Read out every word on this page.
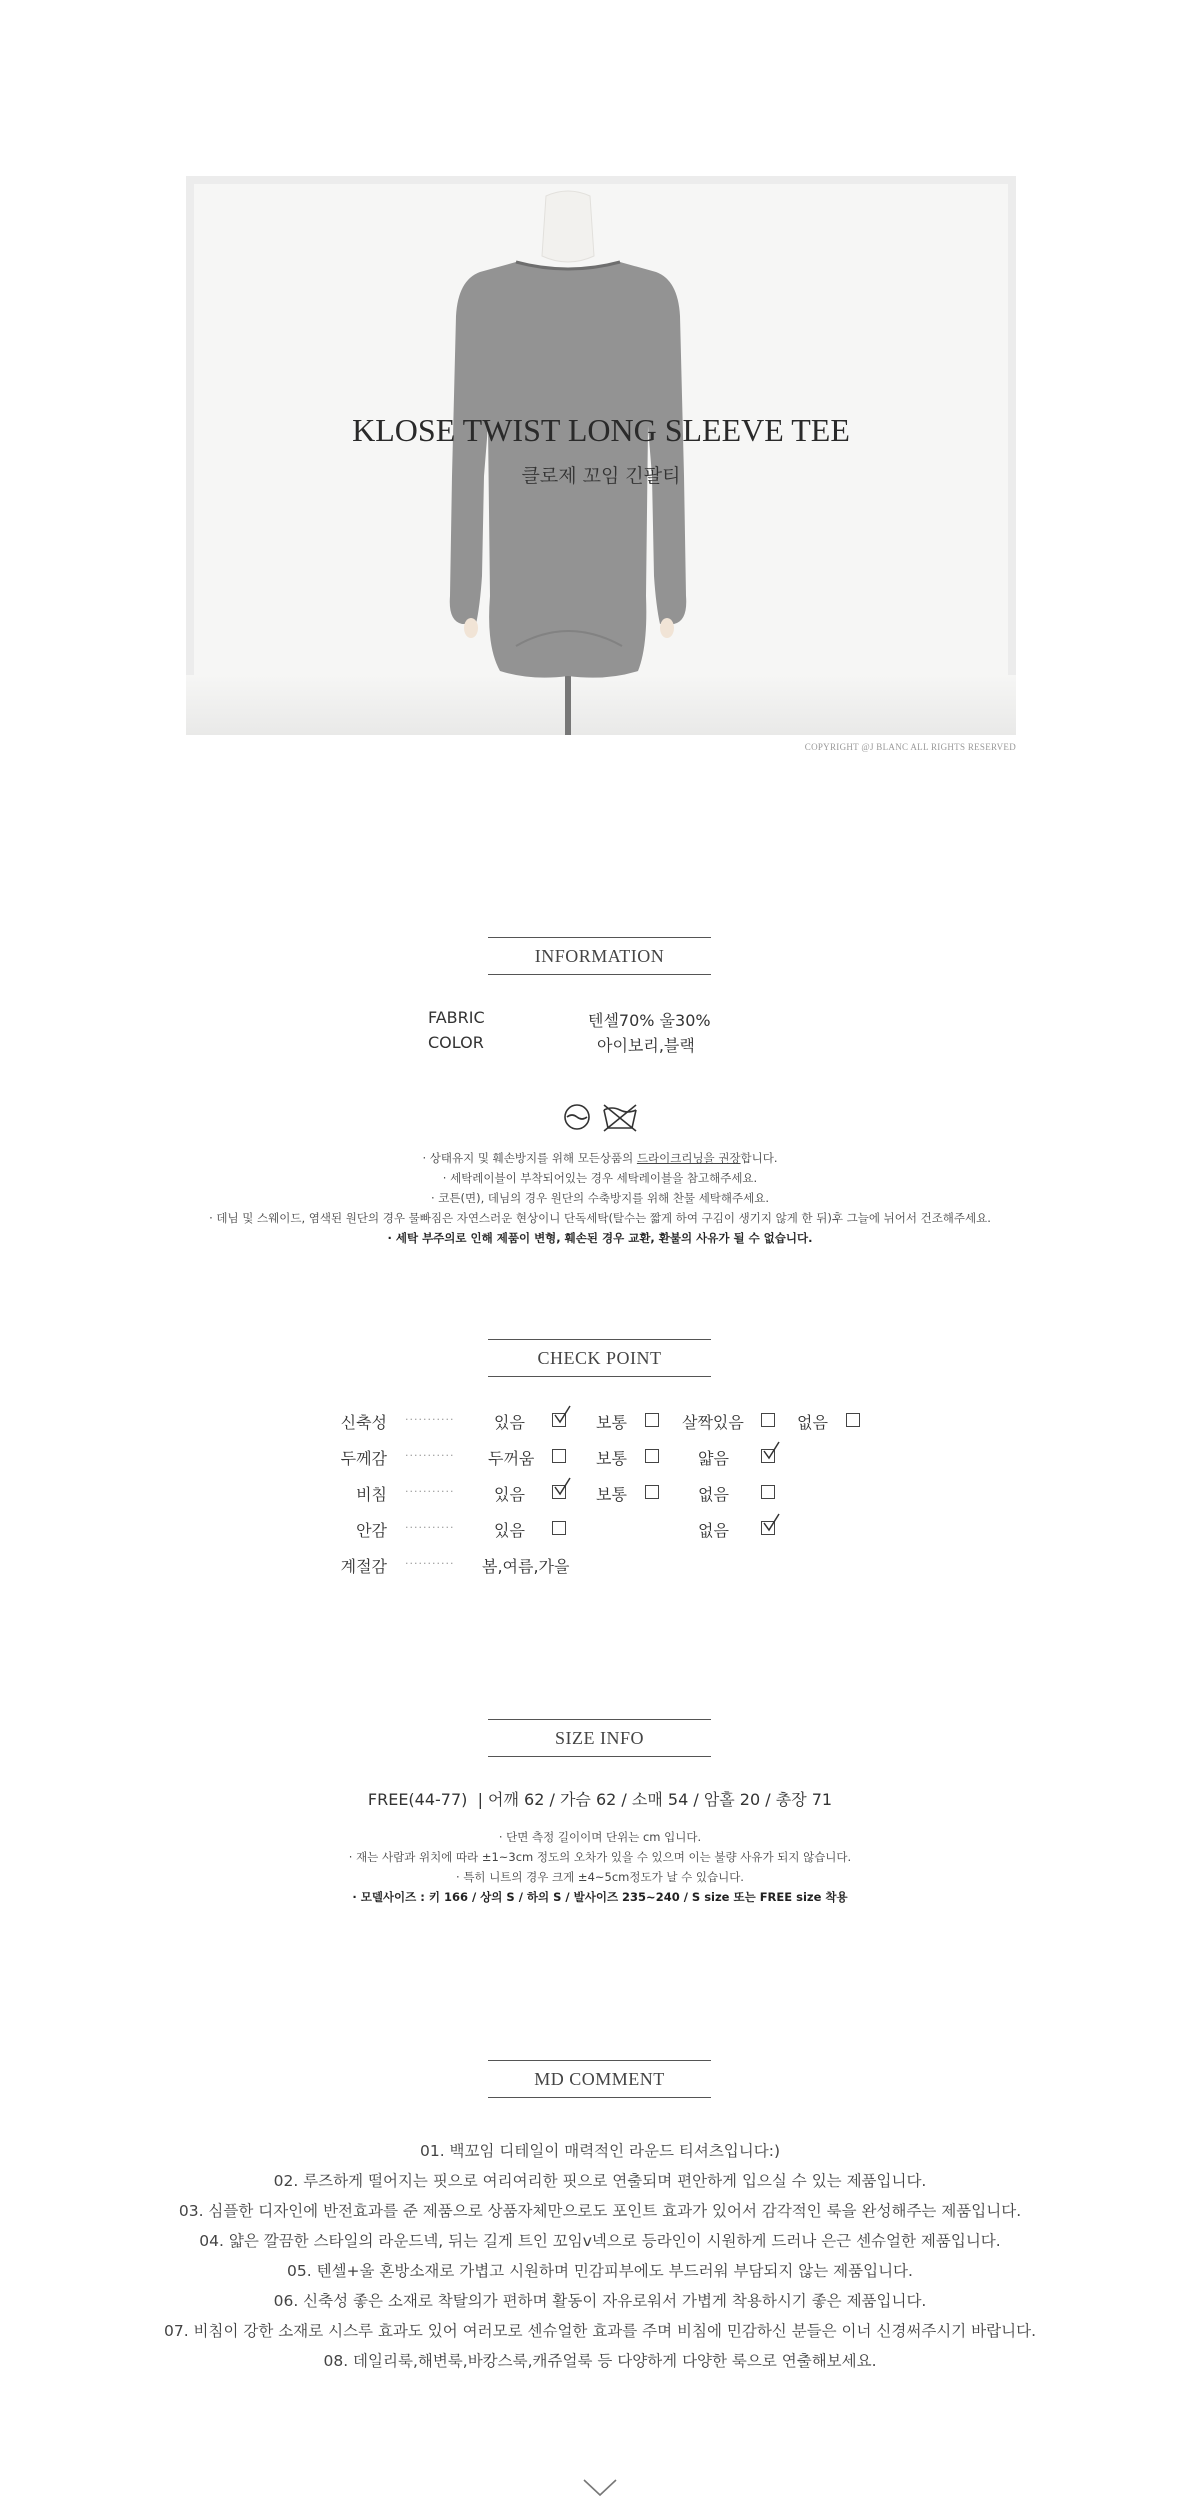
KLOSE TWIST LONG SLEEVE TEE
클로제 꼬임 긴팔티
COPYRIGHT @J BLANC ALL RIGHTS RESERVED
INFORMATION
FABRIC	텐셀70% 울30%
COLOR	아이보리,블랙
· 상태유지 및 훼손방지를 위해 모든상품의 드라이크리닝을 권장합니다.
· 세탁레이블이 부착되어있는 경우 세탁레이블을 참고해주세요.
· 코튼(면), 데님의 경우 원단의 수축방지를 위해 찬물 세탁해주세요.
· 데님 및 스웨이드, 염색된 원단의 경우 물빠짐은 자연스러운 현상이니 단독세탁(탈수는 짧게 하여 구김이 생기지 않게 한 뒤)후 그늘에 뉘어서 건조해주세요.
· 세탁 부주의로 인해 제품이 변형, 훼손된 경우 교환, 환불의 사유가 될 수 없습니다.
CHECK POINT
신축성 ··········· 있음	보통	살짝있음	없음
두께감 ··········· 두꺼움	보통	얇음
비침 ··········· 있음	보통	없음
안감 ··········· 있음	없음
계절감 ··········· 봄,여름,가을
SIZE INFO
FREE(44-77) | 어깨 62 / 가슴 62 / 소매 54 / 암홀 20 / 총장 71
· 단면 측정 길이이며 단위는 cm 입니다.
· 재는 사람과 위치에 따라 ±1~3cm 정도의 오차가 있을 수 있으며 이는 불량 사유가 되지 않습니다.
· 특히 니트의 경우 크게 ±4~5cm정도가 날 수 있습니다.
· 모델사이즈 : 키 166 / 상의 S / 하의 S / 발사이즈 235~240 / S size 또는 FREE size 착용
MD COMMENT
01. 백꼬임 디테일이 매력적인 라운드 티셔츠입니다:)
02. 루즈하게 떨어지는 핏으로 여리여리한 핏으로 연출되며 편안하게 입으실 수 있는 제품입니다.
03. 심플한 디자인에 반전효과를 준 제품으로 상품자체만으로도 포인트 효과가 있어서 감각적인 룩을 완성해주는 제품입니다.
04. 얇은 깔끔한 스타일의 라운드넥, 뒤는 길게 트인 꼬임v넥으로 등라인이 시원하게 드러나 은근 센슈얼한 제품입니다.
05. 텐셀+울 혼방소재로 가볍고 시원하며 민감피부에도 부드러워 부담되지 않는 제품입니다.
06. 신축성 좋은 소재로 착탈의가 편하며 활동이 자유로워서 가볍게 착용하시기 좋은 제품입니다.
07. 비침이 강한 소재로 시스루 효과도 있어 여러모로 센슈얼한 효과를 주며 비침에 민감하신 분들은 이너 신경써주시기 바랍니다.
08. 데일리룩,해변룩,바캉스룩,캐쥬얼룩 등 다양하게 다양한 룩으로 연출해보세요.
